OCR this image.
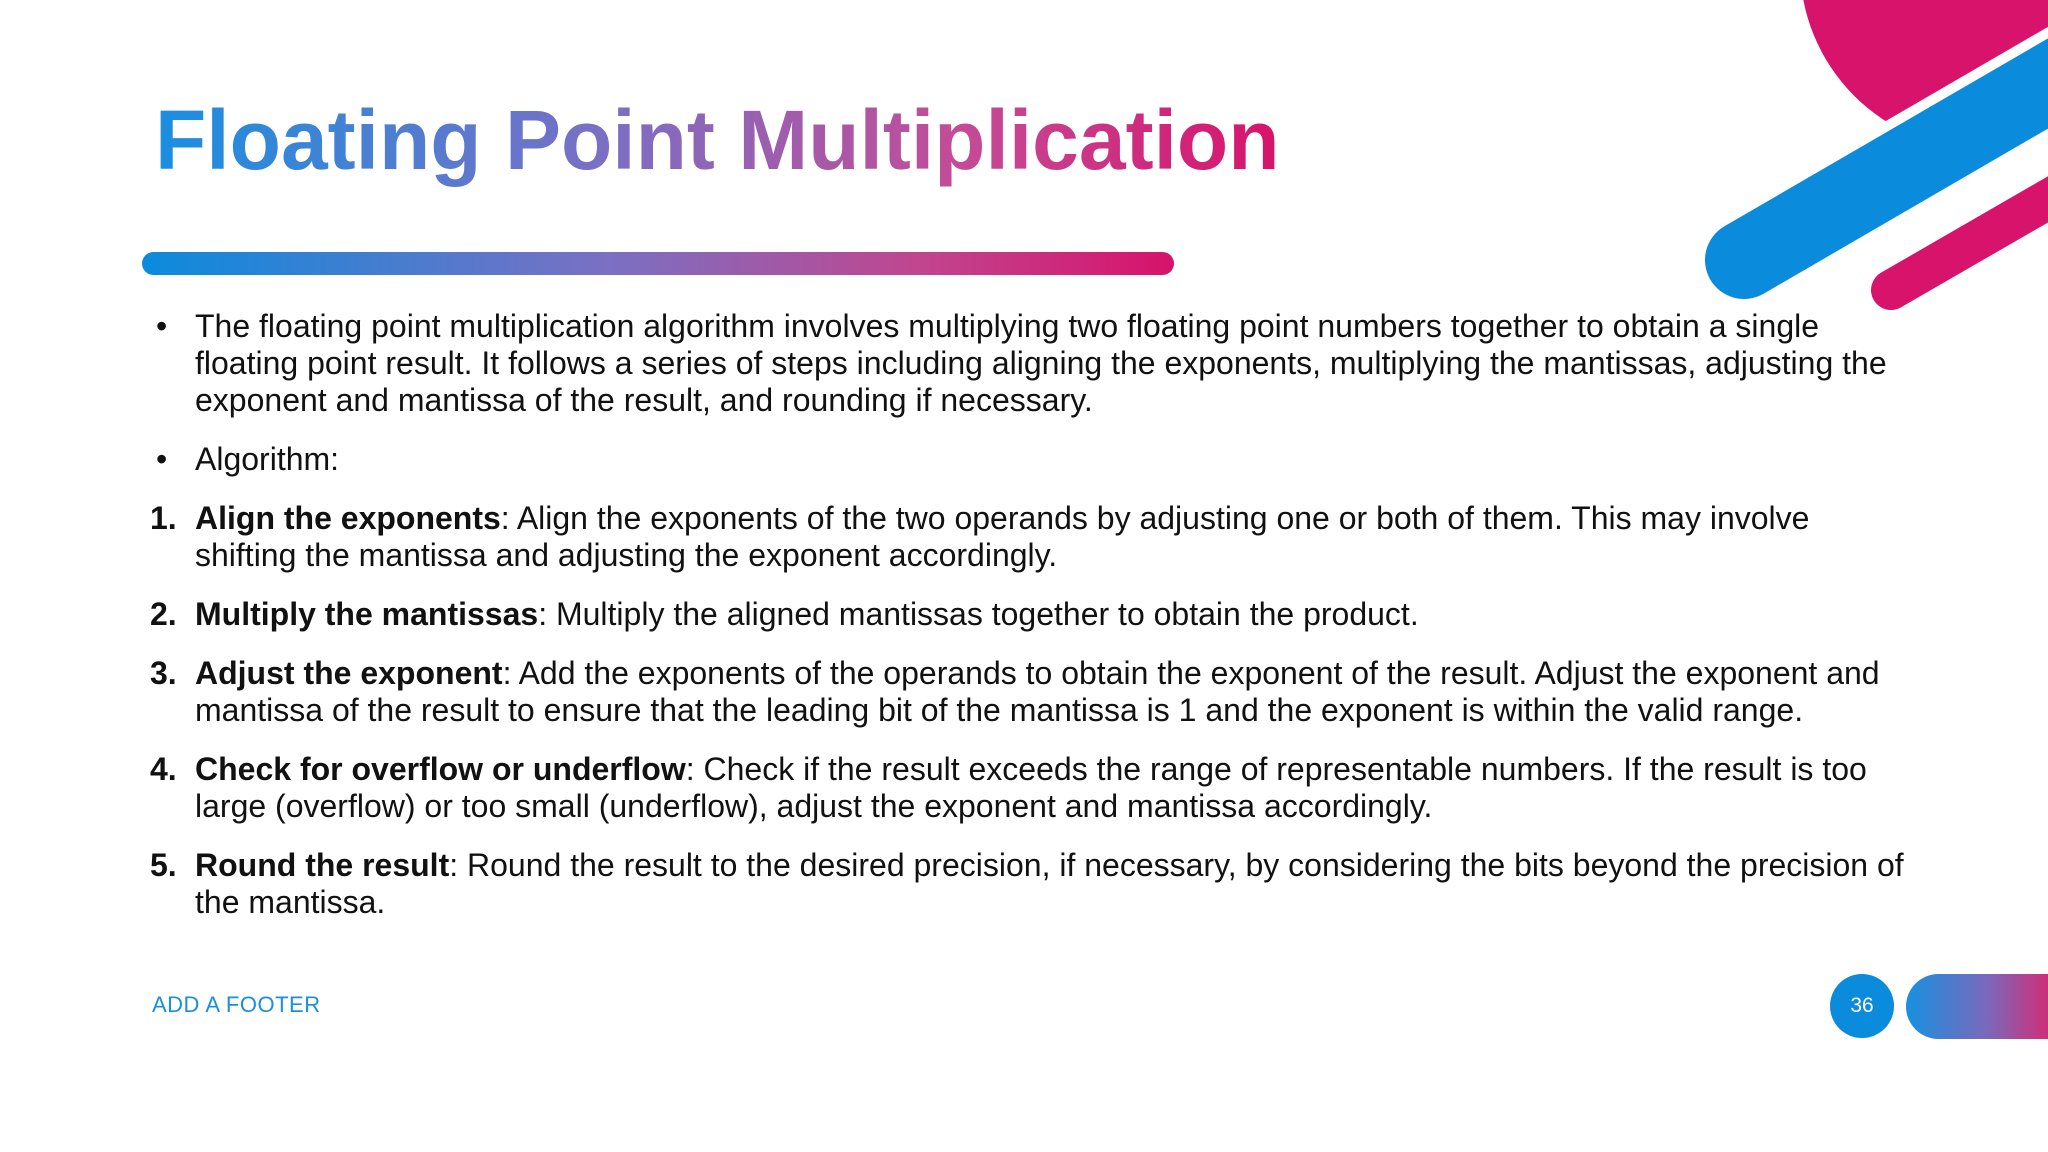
Floating Point Multiplication
• The floating point multiplication algorithm involves multiplying two floating point numbers together to obtain a single floating point result. It follows a series of steps including aligning the exponents, multiplying the mantissas, adjusting the exponent and mantissa of the result, and rounding if necessary.
• Algorithm:
1. Align the exponents: Align the exponents of the two operands by adjusting one or both of them. This may involve shifting the mantissa and adjusting the exponent accordingly.
2. Multiply the mantissas: Multiply the aligned mantissas together to obtain the product.
3. Adjust the exponent: Add the exponents of the operands to obtain the exponent of the result. Adjust the exponent and mantissa of the result to ensure that the leading bit of the mantissa is 1 and the exponent is within the valid range.
4. Check for overflow or underflow: Check if the result exceeds the range of representable numbers. If the result is too large (overflow) or too small (underflow), adjust the exponent and mantissa accordingly.
5. Round the result: Round the result to the desired precision, if necessary, by considering the bits beyond the precision of the mantissa.
ADD A FOOTER	36
